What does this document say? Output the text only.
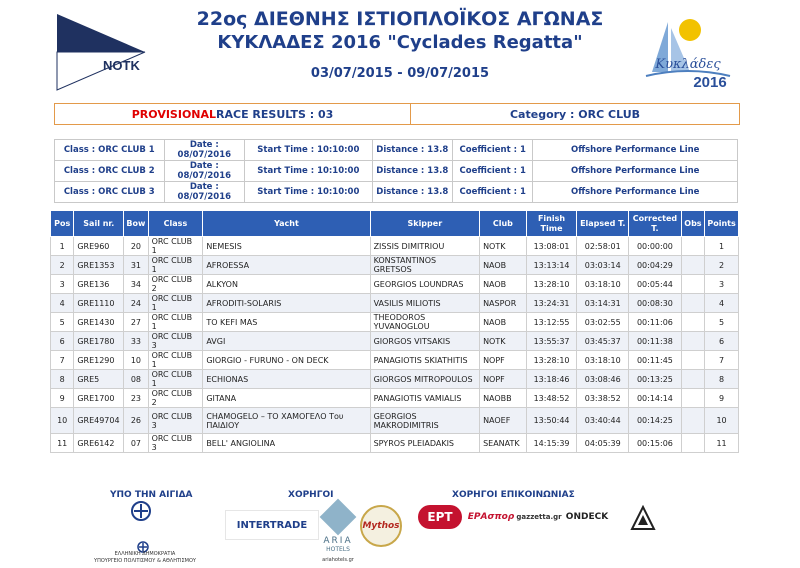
NOTK
22ος ΔΙΕΘΝΗΣ ΙΣΤΙΟΠΛΟΪΚΟΣ ΑΓΩΝΑΣ
ΚΥΚΛΑΔΕΣ 2016 "Cyclades Regatta"
03/07/2015 - 09/07/2015
Κυκλάδες
2016
PROVISIONAL RACE RESULTS : 03	Category : ORC CLUB
Class : ORC CLUB 1	Date : 08/07/2016	Start Time : 10:10:00	Distance : 13.8	Coefficient : 1	Offshore Performance Line
Class : ORC CLUB 2	Date : 08/07/2016	Start Time : 10:10:00	Distance : 13.8	Coefficient : 1	Offshore Performance Line
Class : ORC CLUB 3	Date : 08/07/2016	Start Time : 10:10:00	Distance : 13.8	Coefficient : 1	Offshore Performance Line
Pos	Sail nr.	Bow	Class	Yacht	Skipper	Club	Finish Time	Elapsed T.	Corrected T.	Obs	Points
1	GRE960	20	ORC CLUB 1	NEMESIS	ZISSIS DIMITRIOU	NOTK	13:08:01	02:58:01	00:00:00		1
2	GRE1353	31	ORC CLUB 1	AFROESSA	KONSTANTINOS GRETSOS	NAOB	13:13:14	03:03:14	00:04:29		2
3	GRE136	34	ORC CLUB 2	ALKYON	GEORGIOS LOUNDRAS	NAOB	13:28:10	03:18:10	00:05:44		3
4	GRE1110	24	ORC CLUB 1	AFRODITI-SOLARIS	VASILIS MILIOTIS	NASPOR	13:24:31	03:14:31	00:08:30		4
5	GRE1430	27	ORC CLUB 1	TO KEFI MAS	THEODOROS YUVANOGLOU	NAOB	13:12:55	03:02:55	00:11:06		5
6	GRE1780	33	ORC CLUB 3	AVGI	GIORGOS VITSAKIS	NOTK	13:55:37	03:45:37	00:11:38		6
7	GRE1290	10	ORC CLUB 1	GIORGIO - FURUNO - ON DECK	PANAGIOTIS SKIATHITIS	NOPF	13:28:10	03:18:10	00:11:45		7
8	GRE5	08	ORC CLUB 1	ECHIONAS	GIORGOS MITROPOULOS	NOPF	13:18:46	03:08:46	00:13:25		8
9	GRE1700	23	ORC CLUB 2	GITANA	PANAGIOTIS VAMIALIS	NAOBB	13:48:52	03:38:52	00:14:14		9
10	GRE49704	26	ORC CLUB 3	CHAMOGELO – ΤΟ ΧΑΜΟΓΕΛΟ Του ΠΑΙΔΙΟΥ	GEORGIOS MAKRODIMITRIS	NAOEF	13:50:44	03:40:44	00:14:25		10
11	GRE6142	07	ORC CLUB 3	BELL' ANGIOLINA	SPYROS PLEIADAKIS	SEANATK	14:15:39	04:05:39	00:15:06		11
ΥΠΟ ΤΗΝ ΑΙΓΙΔΑ
ΕΛΛΗΝΙΚΗ ΔΗΜΟΚΡΑΤΙΑ
ΥΠΟΥΡΓΕΙΟ ΠΟΛΙΤΙΣΜΟΥ & ΑΘΛΗΤΙΣΜΟΥ
ΧΟΡΗΓΟΙ
INTERTRADE
ARIA
HOTELS
ariahotels.gr
Mythos
ΧΟΡΗΓΟΙ ΕΠΙΚΟΙΝΩΝΙΑΣ
ΕΡΤ	ΕΡΑσπορ gazzetta.gr ONDECK
